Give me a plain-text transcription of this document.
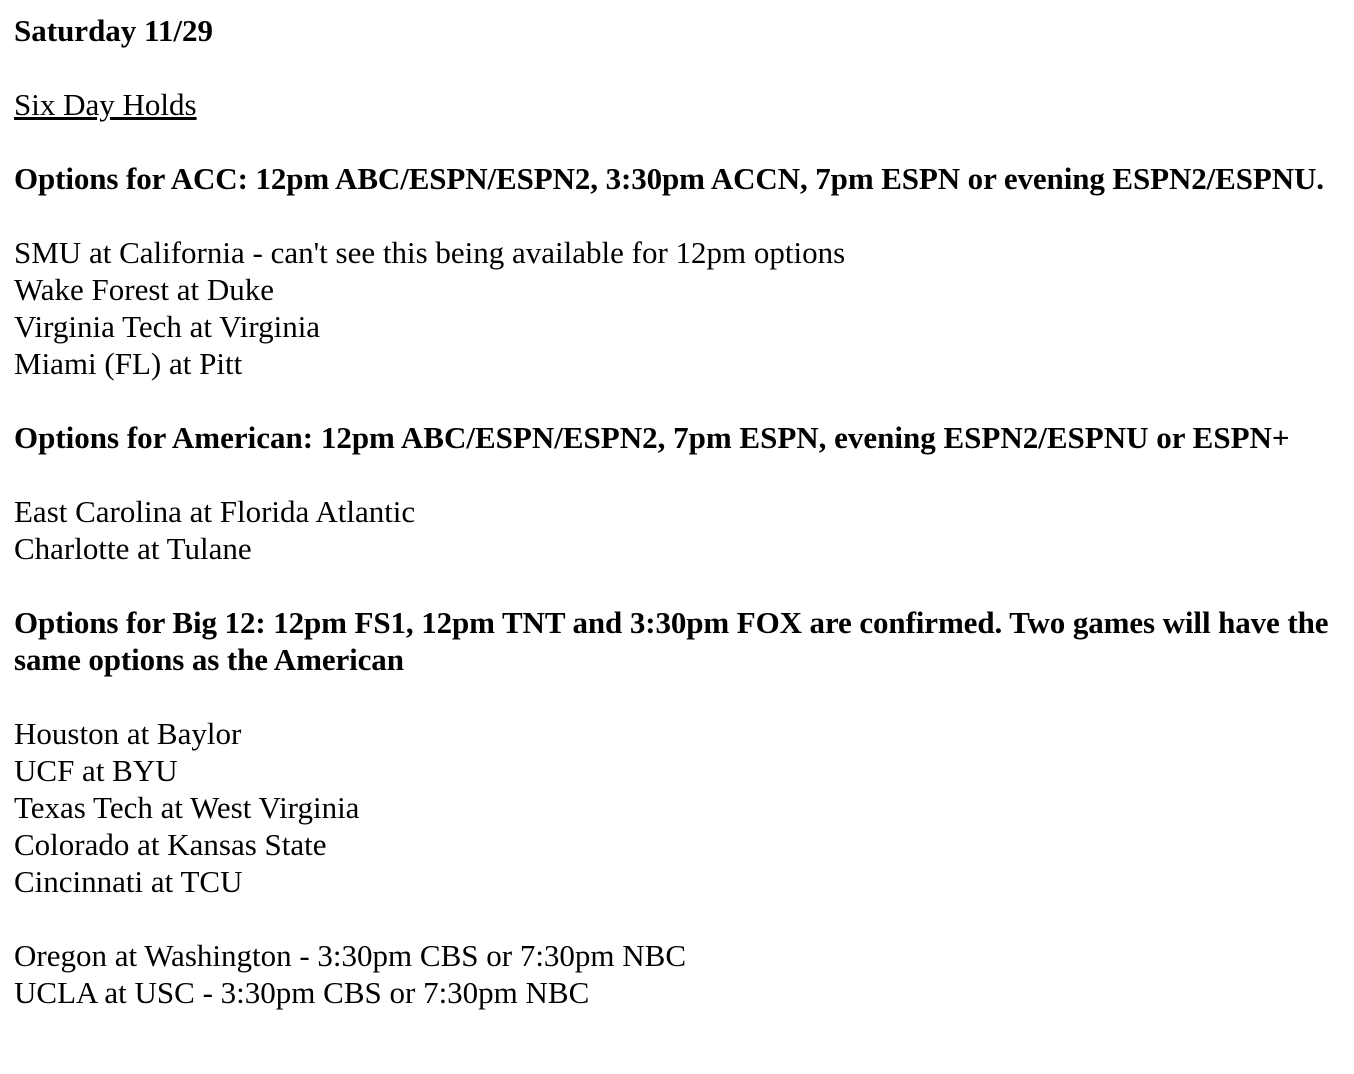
Saturday 11/29
Six Day Holds
Options for ACC: 12pm ABC/ESPN/ESPN2, 3:30pm ACCN, 7pm ESPN or evening ESPN2/ESPNU.
SMU at California - can't see this being available for 12pm options
Wake Forest at Duke
Virginia Tech at Virginia
Miami (FL) at Pitt
Options for American: 12pm ABC/ESPN/ESPN2, 7pm ESPN, evening ESPN2/ESPNU or ESPN+
East Carolina at Florida Atlantic
Charlotte at Tulane
Options for Big 12: 12pm FS1, 12pm TNT and 3:30pm FOX are confirmed. Two games will have the same options as the American
Houston at Baylor
UCF at BYU
Texas Tech at West Virginia
Colorado at Kansas State
Cincinnati at TCU
Oregon at Washington - 3:30pm CBS or 7:30pm NBC
UCLA at USC - 3:30pm CBS or 7:30pm NBC
